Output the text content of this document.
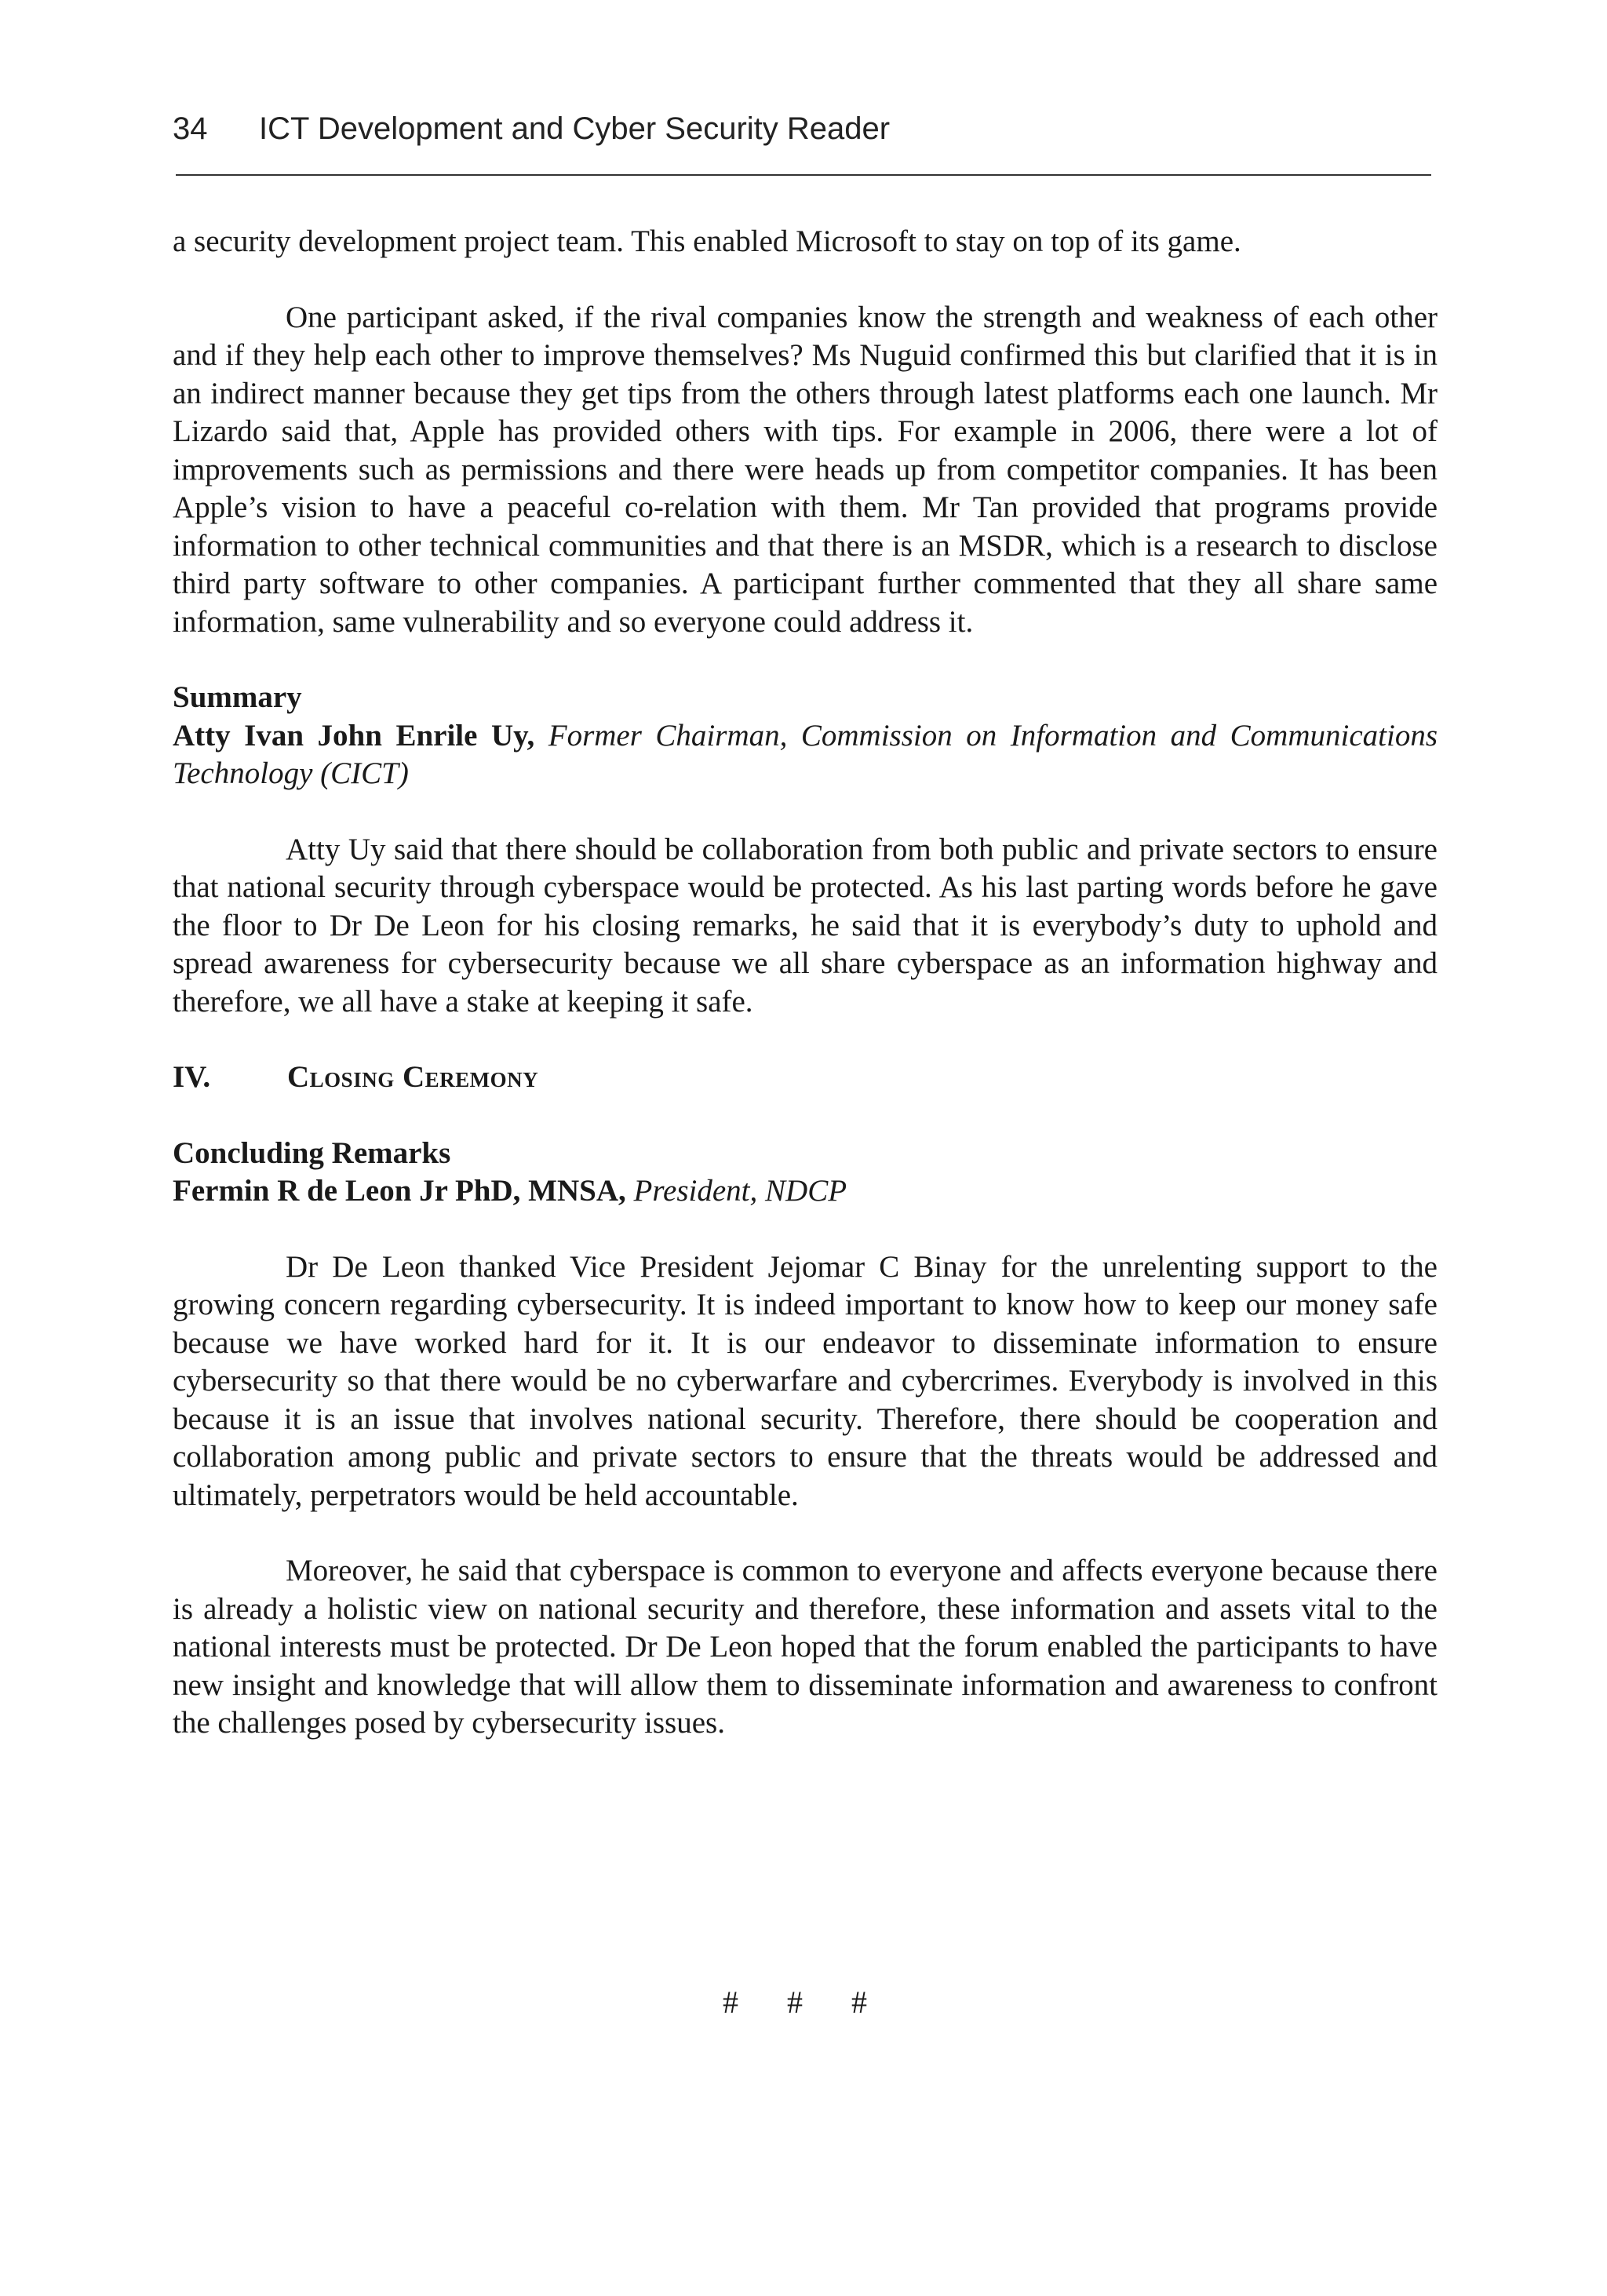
34 ICT Development and Cyber Security Reader

a security development project team. This enabled Microsoft to stay on top of its game.

One participant asked, if the rival companies know the strength and weakness of each other and if they help each other to improve themselves? Ms Nuguid confirmed this but clarified that it is in an indirect manner because they get tips from the others through latest platforms each one launch. Mr Lizardo said that, Apple has provided others with tips. For example in 2006, there were a lot of improvements such as permissions and there were heads up from competitor companies. It has been Apple’s vision to have a peaceful co-relation with them. Mr Tan provided that programs provide information to other technical communities and that there is an MSDR, which is a research to disclose third party software to other companies. A participant further commented that they all share same information, same vulnerability and so everyone could address it.

Summary
Atty Ivan John Enrile Uy, Former Chairman, Commission on Information and Communications Technology (CICT)

Atty Uy said that there should be collaboration from both public and private sectors to ensure that national security through cyberspace would be protected. As his last parting words before he gave the floor to Dr De Leon for his closing remarks, he said that it is everybody’s duty to uphold and spread awareness for cybersecurity because we all share cyberspace as an information highway and therefore, we all have a stake at keeping it safe.

IV.	Closing Ceremony
Concluding Remarks
Fermin R de Leon Jr PhD, MNSA, President, NDCP

Dr De Leon thanked Vice President Jejomar C Binay for the unrelenting support to the growing concern regarding cybersecurity. It is indeed important to know how to keep our money safe because we have worked hard for it. It is our endeavor to disseminate information to ensure cybersecurity so that there would be no cyberwarfare and cybercrimes. Everybody is involved in this because it is an issue that involves national security. Therefore, there should be cooperation and collaboration among public and private sectors to ensure that the threats would be addressed and ultimately, perpetrators would be held accountable.

Moreover, he said that cyberspace is common to everyone and affects everyone because there is already a holistic view on national security and therefore, these information and assets vital to the national interests must be protected. Dr De Leon hoped that the forum enabled the participants to have new insight and knowledge that will allow them to disseminate information and awareness to confront the challenges posed by cybersecurity issues.

# # #
